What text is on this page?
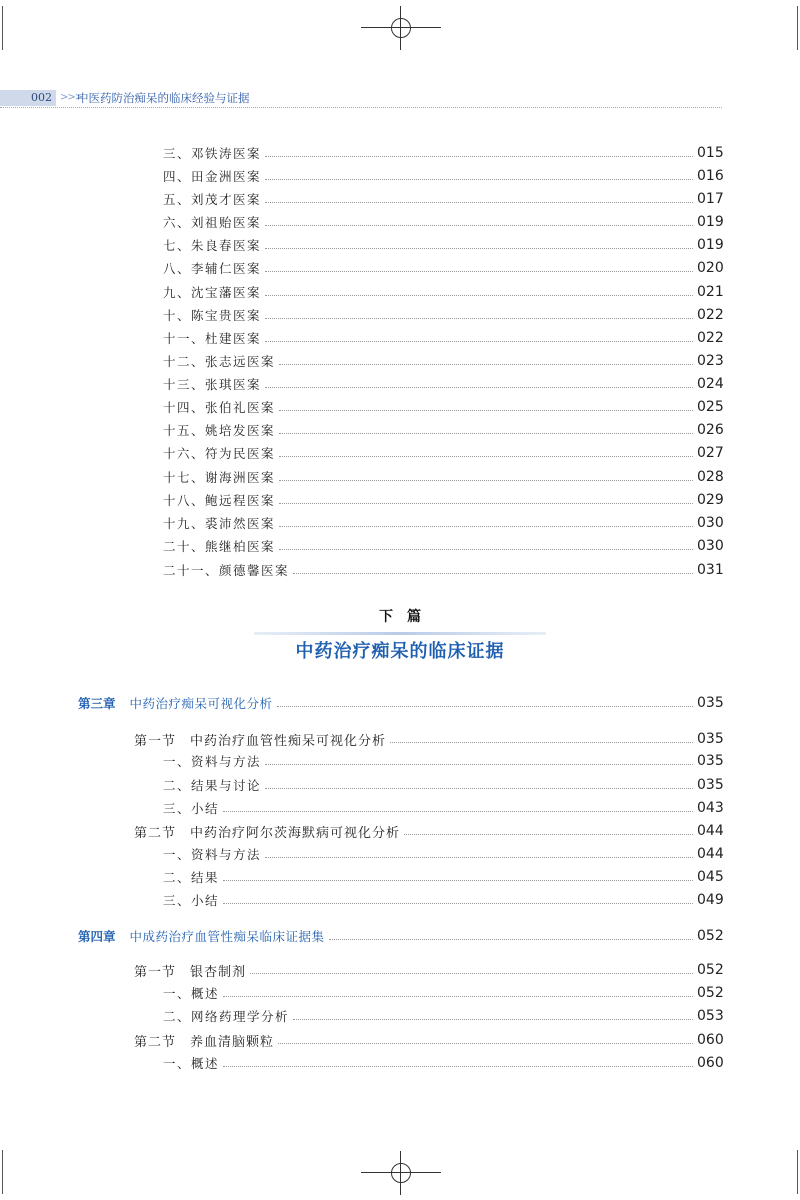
002 >>>
中医药防治痴呆的临床经验与证据
三、邓铁涛医案	015
四、田金洲医案	016
五、刘茂才医案	017
六、刘祖贻医案	019
七、朱良春医案	019
八、李辅仁医案	020
九、沈宝藩医案	021
十、陈宝贵医案	022
十一、杜建医案	022
十二、张志远医案	023
十三、张琪医案	024
十四、张伯礼医案	025
十五、姚培发医案	026
十六、符为民医案	027
十七、谢海洲医案	028
十八、鲍远程医案	029
十九、裘沛然医案	030
二十、熊继柏医案	030
二十一、颜德馨医案	031
下篇
中药治疗痴呆的临床证据
第三章 中药治疗痴呆可视化分析	035
第一节　中药治疗血管性痴呆可视化分析	035
一、资料与方法	035
二、结果与讨论	035
三、小结	043
第二节　中药治疗阿尔茨海默病可视化分析	044
一、资料与方法	044
二、结果	045
三、小结	049
第四章 中成药治疗血管性痴呆临床证据集	052
第一节　银杏制剂	052
一、概述	052
二、网络药理学分析	053
第二节　养血清脑颗粒	060
一、概述	060
